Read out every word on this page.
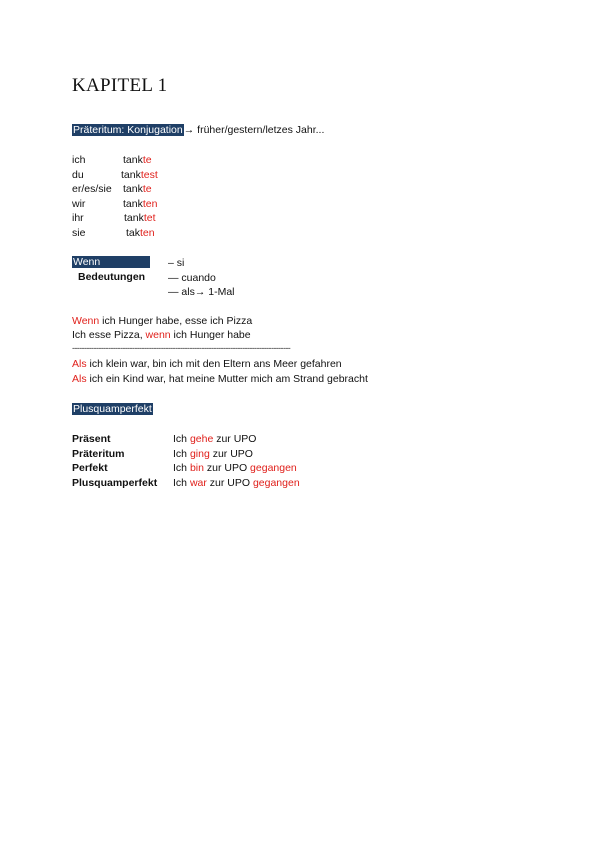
KAPITEL 1
Präteritum: Konjugation→ früher/gestern/letzes Jahr...
ich	tankte
du	tanktest
er/es/sie tankte
wir	tankten
ihr	tanktet
sie	takten
Wenn
Bedeutungen
– si
— cuando
— als→ 1-Mal
Wenn ich Hunger habe, esse ich Pizza
Ich esse Pizza, wenn ich Hunger habe
-------------------------------------------------------------------------------------------
Als ich klein war, bin ich mit den Eltern ans Meer gefahren
Als ich ein Kind war, hat meine Mutter mich am Strand gebracht
Plusquamperfekt
Präsent	Ich gehe zur UPO
Präteritum	Ich ging zur UPO
Perfekt	Ich bin zur UPO gegangen
Plusquamperfekt Ich war zur UPO gegangen
